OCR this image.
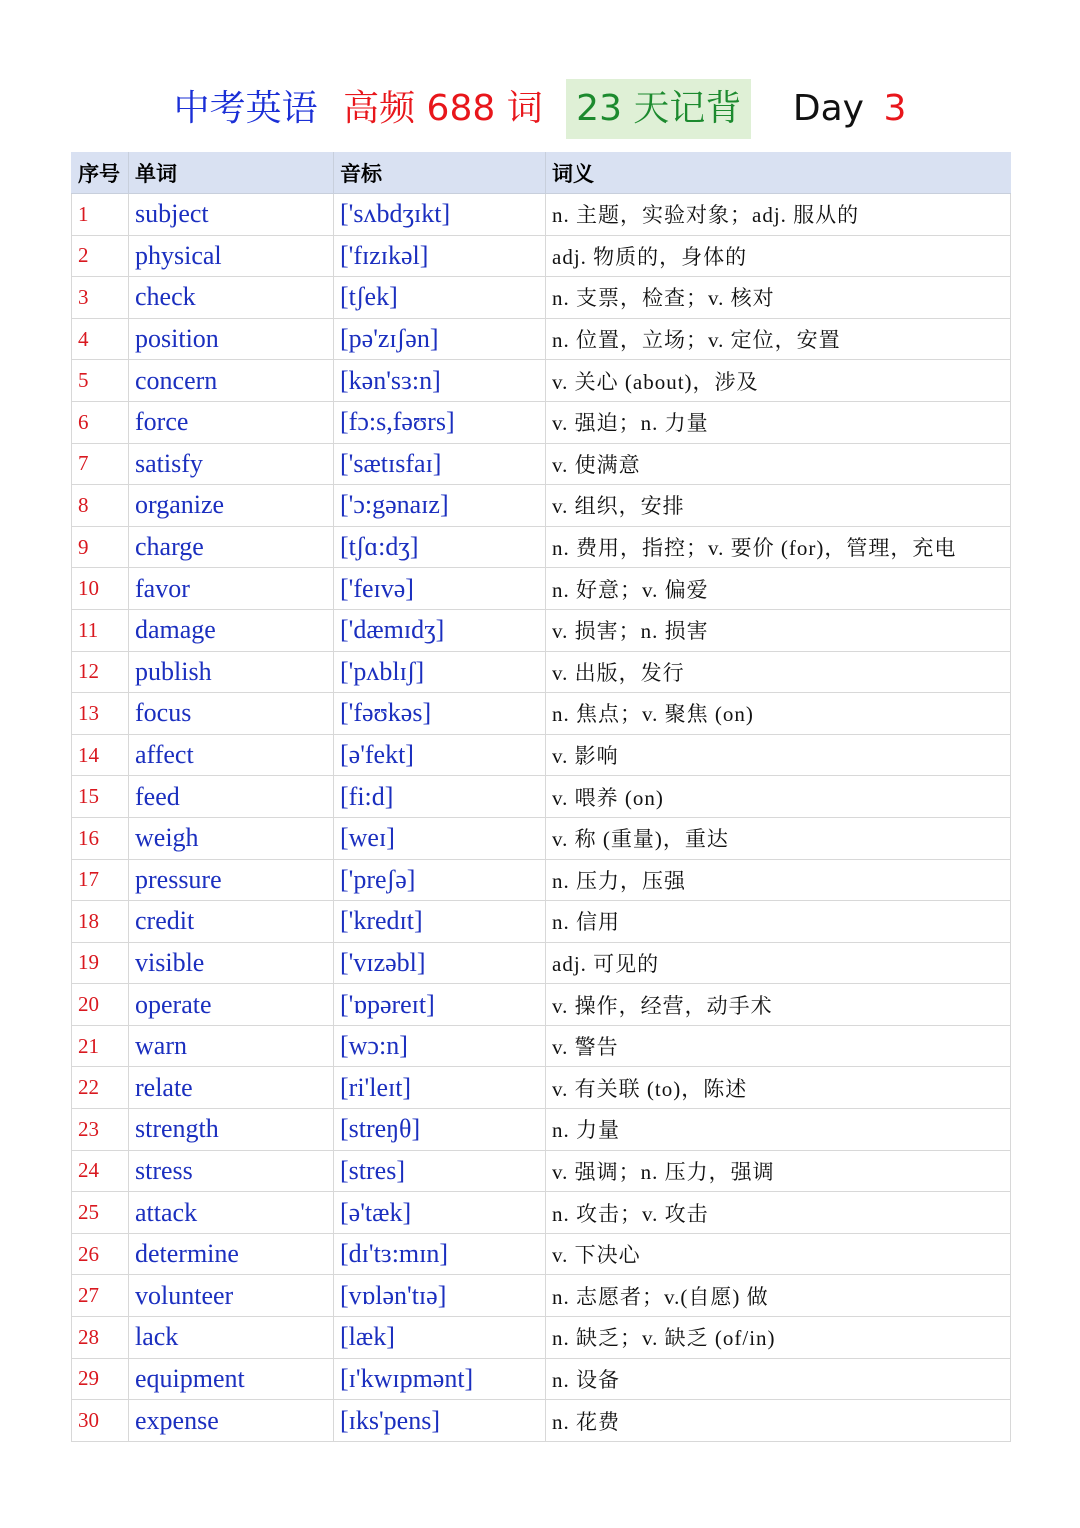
中考英语 高频 688 词 23 天记背 Day 3
序号	单词	音标	词义
1	subject	['sʌbdʒɪkt]	n. 主题，实验对象；adj. 服从的
2	physical	['fɪzɪkəl]	adj. 物质的，身体的
3	check	[tʃek]	n. 支票，检查；v. 核对
4	position	[pə'zɪʃən]	n. 位置，立场；v. 定位，安置
5	concern	[kən'sɜ:n]	v. 关心 (about)，涉及
6	force	[fɔ:s,fəʊrs]	v. 强迫；n. 力量
7	satisfy	['sætɪsfaɪ]	v. 使满意
8	organize	['ɔ:gənaɪz]	v. 组织，安排
9	charge	[tʃɑ:dʒ]	n. 费用，指控；v. 要价 (for)，管理，充电
10	favor	['feɪvə]	n. 好意；v. 偏爱
11	damage	['dæmɪdʒ]	v. 损害；n. 损害
12	publish	['pʌblɪʃ]	v. 出版，发行
13	focus	['fəʊkəs]	n. 焦点；v. 聚焦 (on)
14	affect	[ə'fekt]	v. 影响
15	feed	[fi:d]	v. 喂养 (on)
16	weigh	[weɪ]	v. 称 (重量)，重达
17	pressure	['preʃə]	n. 压力，压强
18	credit	['kredɪt]	n. 信用
19	visible	['vɪzəbl]	adj. 可见的
20	operate	['ɒpəreɪt]	v. 操作，经营，动手术
21	warn	[wɔ:n]	v. 警告
22	relate	[ri'leɪt]	v. 有关联 (to)，陈述
23	strength	[streŋθ]	n. 力量
24	stress	[stres]	v. 强调；n. 压力，强调
25	attack	[ə'tæk]	n. 攻击；v. 攻击
26	determine	[dɪ'tɜ:mɪn]	v. 下决心
27	volunteer	[vɒlən'tɪə]	n. 志愿者；v.(自愿) 做
28	lack	[læk]	n. 缺乏；v. 缺乏 (of/in)
29	equipment	[ɪ'kwɪpmənt]	n. 设备
30	expense	[ɪks'pens]	n. 花费
